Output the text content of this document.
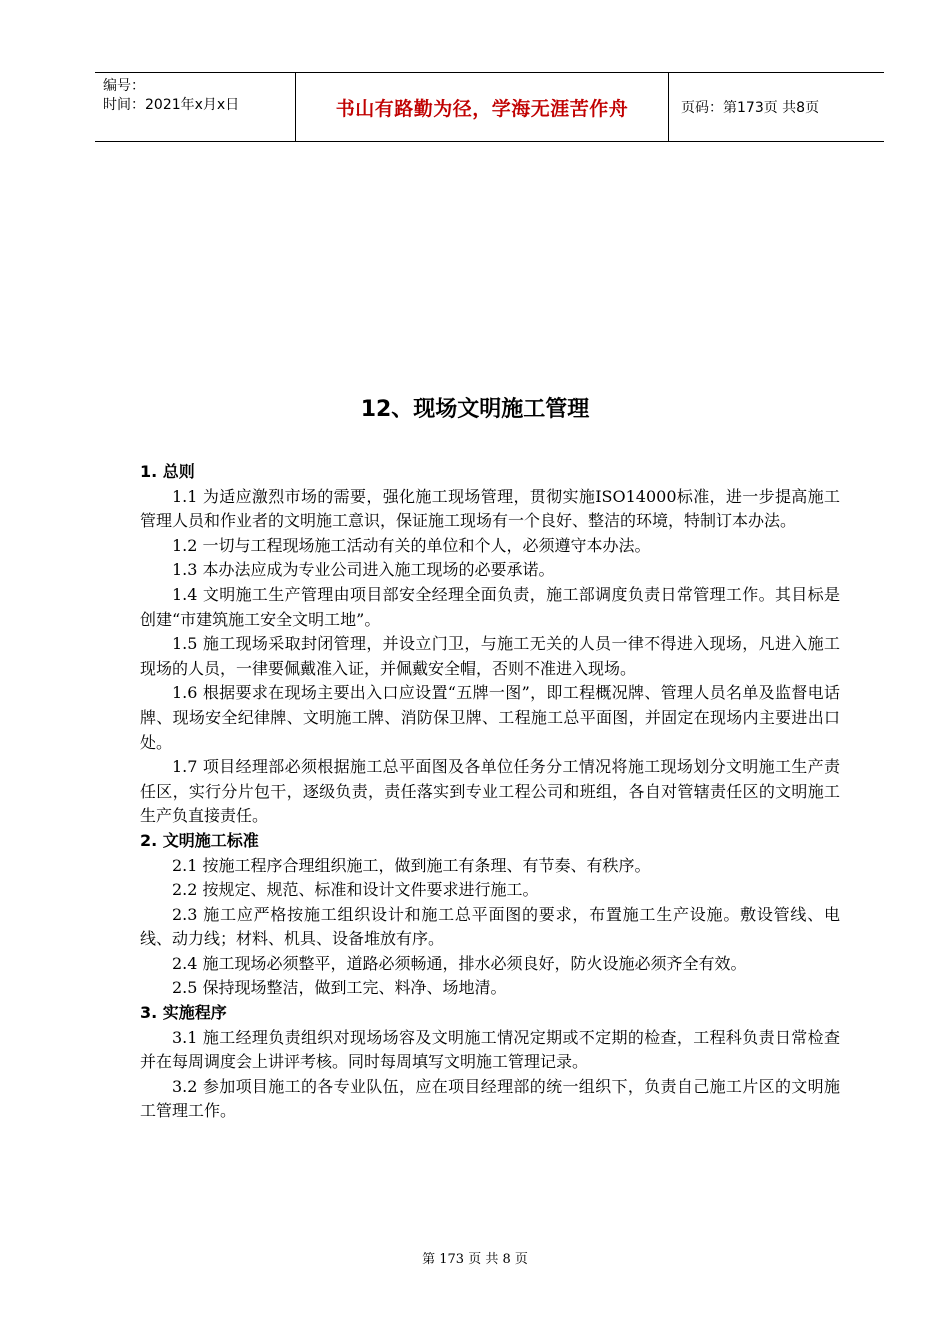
编号：
时间：2021年x月x日	书山有路勤为径，学海无涯苦作舟	页码：第173页 共8页
12、现场文明施工管理

1. 总则

1.1 为适应激烈市场的需要，强化施工现场管理，贯彻实施ISO14000标准，进一步提高施工管理人员和作业者的文明施工意识，保证施工现场有一个良好、整洁的环境，特制订本办法。

1.2 一切与工程现场施工活动有关的单位和个人，必须遵守本办法。

1.3 本办法应成为专业公司进入施工现场的必要承诺。

1.4 文明施工生产管理由项目部安全经理全面负责，施工部调度负责日常管理工作。其目标是创建“市建筑施工安全文明工地”。

1.5 施工现场采取封闭管理，并设立门卫，与施工无关的人员一律不得进入现场，凡进入施工现场的人员，一律要佩戴准入证，并佩戴安全帽，否则不准进入现场。

1.6 根据要求在现场主要出入口应设置“五牌一图”，即工程概况牌、管理人员名单及监督电话牌、现场安全纪律牌、文明施工牌、消防保卫牌、工程施工总平面图，并固定在现场内主要进出口处。

1.7 项目经理部必须根据施工总平面图及各单位任务分工情况将施工现场划分文明施工生产责任区，实行分片包干，逐级负责，责任落实到专业工程公司和班组，各自对管辖责任区的文明施工生产负直接责任。

2. 文明施工标准

2.1 按施工程序合理组织施工，做到施工有条理、有节奏、有秩序。

2.2 按规定、规范、标准和设计文件要求进行施工。

2.3 施工应严格按施工组织设计和施工总平面图的要求，布置施工生产设施。敷设管线、电线、动力线；材料、机具、设备堆放有序。

2.4 施工现场必须整平，道路必须畅通，排水必须良好，防火设施必须齐全有效。

2.5 保持现场整洁，做到工完、料净、场地清。

3. 实施程序

3.1 施工经理负责组织对现场场容及文明施工情况定期或不定期的检查，工程科负责日常检查并在每周调度会上讲评考核。同时每周填写文明施工管理记录。

3.2 参加项目施工的各专业队伍，应在项目经理部的统一组织下，负责自己施工片区的文明施工管理工作。

第 173 页 共 8 页
